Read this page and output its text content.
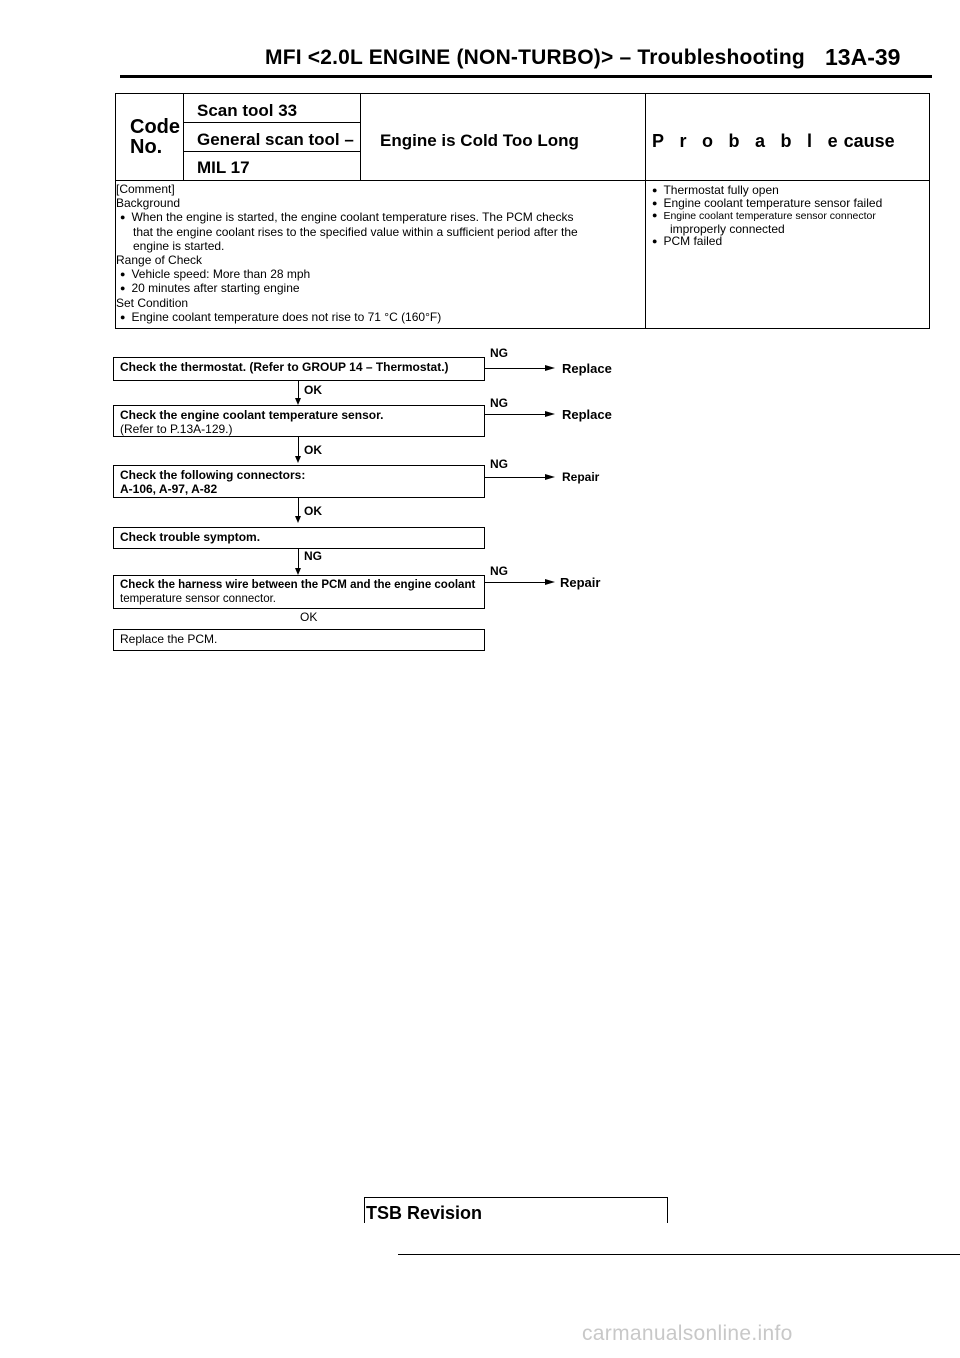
MFI <2.0L ENGINE (NON-TURBO)> – Troubleshooting 13A-39
Code
No.
Scan tool 33
General scan tool –
MIL 17
Engine is Cold Too Long	P r o b a b l e cause
[Comment]
Background
● When the engine is started, the engine coolant temperature rises. The PCM checks
that the engine coolant rises to the specified value within a sufficient period after the
engine is started.
Range of Check
● Vehicle speed: More than 28 mph
● 20 minutes after starting engine
Set Condition
● Engine coolant temperature does not rise to 71 °C (160°F)
● Thermostat fully open
● Engine coolant temperature sensor failed
● Engine coolant temperature sensor connector
improperly connected
● PCM failed
Check the thermostat. (Refer to GROUP 14 – Thermostat.)
NG
Replace
OK
Check the engine coolant temperature sensor.
(Refer to P.13A-129.)
NG
Replace
OK
Check the following connectors:
A-106, A-97, A-82
NG
Repair
OK
Check trouble symptom.
NG
Check the harness wire between the PCM and the engine coolant
temperature sensor connector.
NG
Repair
OK
Replace the PCM.
TSB Revision
carmanualsonline.info
